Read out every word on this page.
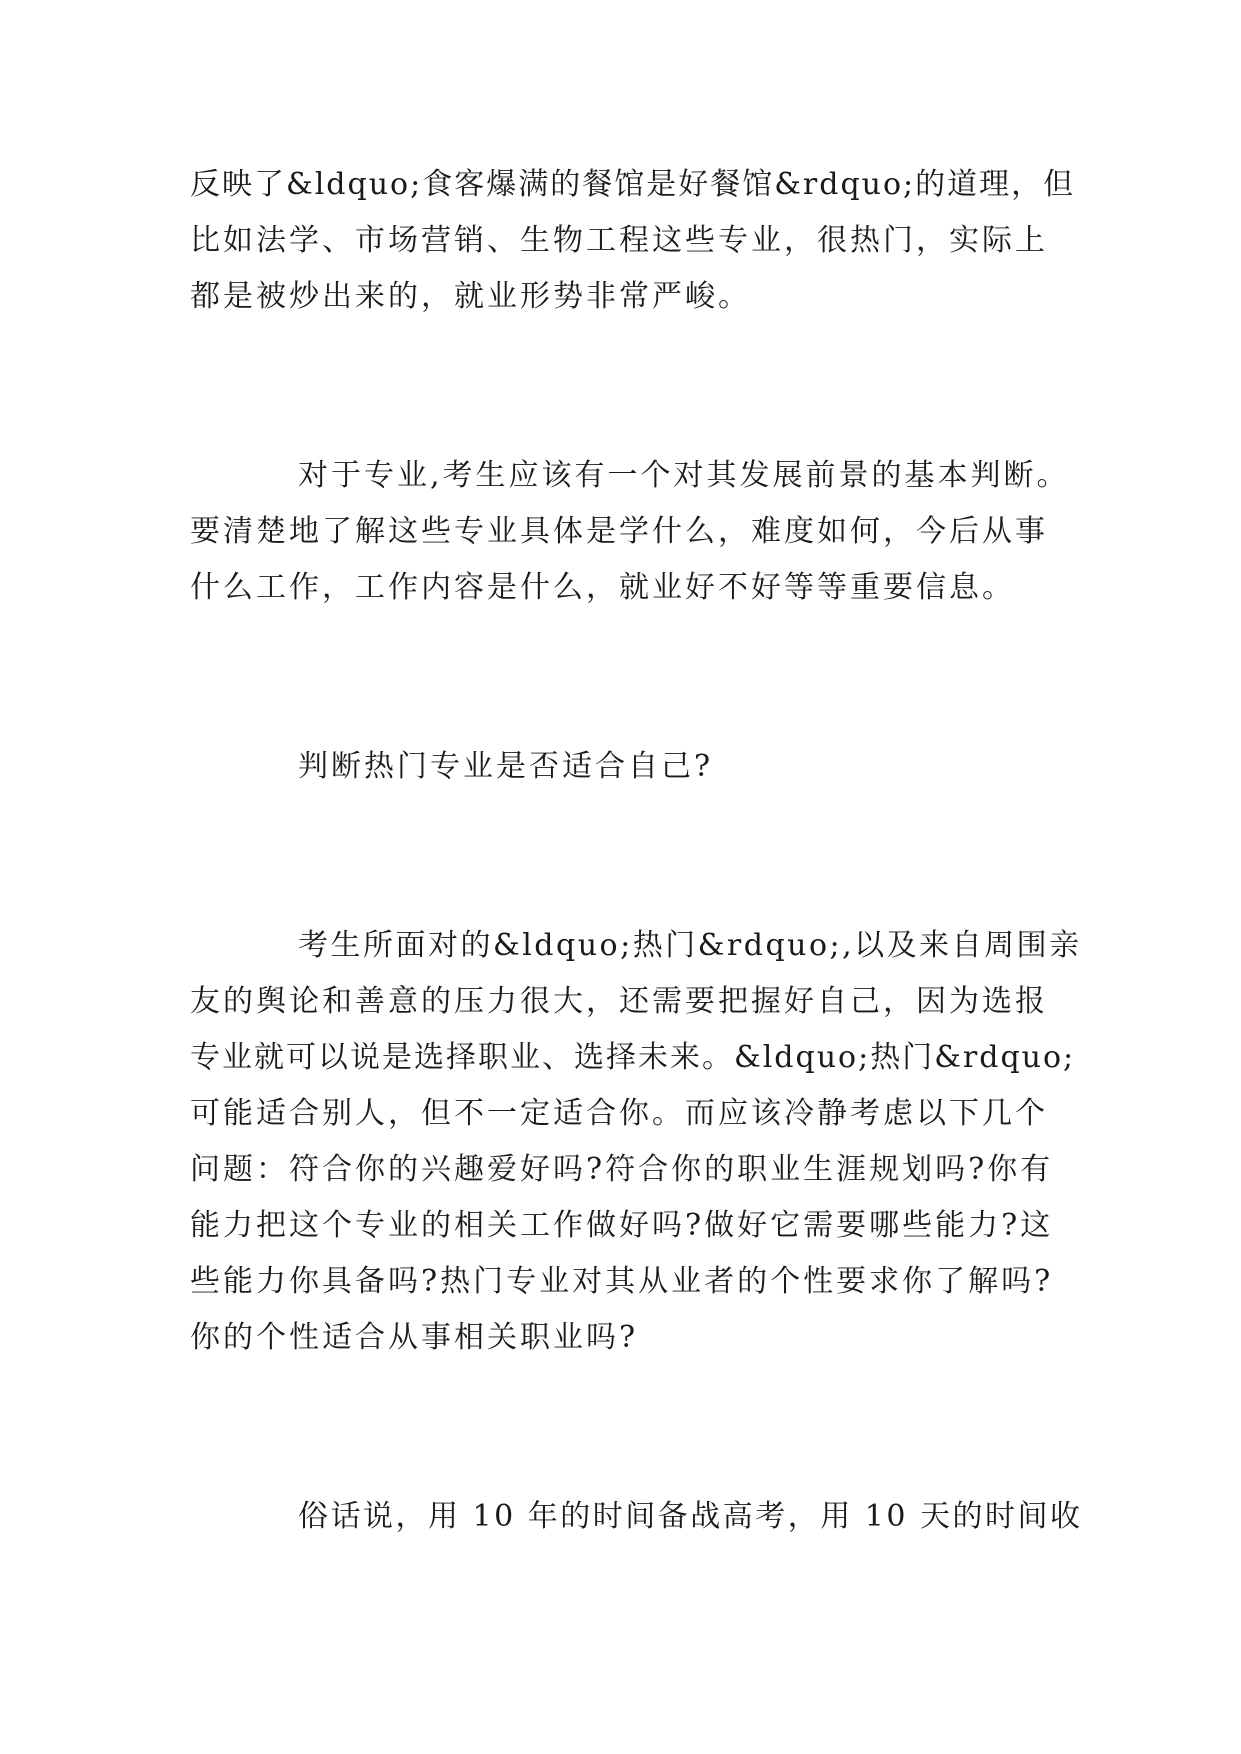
反映了&ldquo;食客爆满的餐馆是好餐馆&rdquo;的道理，但
比如法学、市场营销、生物工程这些专业，很热门，实际上
都是被炒出来的，就业形势非常严峻。
对于专业,考生应该有一个对其发展前景的基本判断。
要清楚地了解这些专业具体是学什么，难度如何，今后从事
什么工作，工作内容是什么，就业好不好等等重要信息。
判断热门专业是否适合自己?
考生所面对的&ldquo;热门&rdquo;,以及来自周围亲
友的舆论和善意的压力很大，还需要把握好自己，因为选报
专业就可以说是选择职业、选择未来。&ldquo;热门&rdquo;
可能适合别人，但不一定适合你。而应该冷静考虑以下几个
问题：符合你的兴趣爱好吗?符合你的职业生涯规划吗?你有
能力把这个专业的相关工作做好吗?做好它需要哪些能力?这
些能力你具备吗?热门专业对其从业者的个性要求你了解吗?
你的个性适合从事相关职业吗?
俗话说，用 10 年的时间备战高考，用 10 天的时间收
